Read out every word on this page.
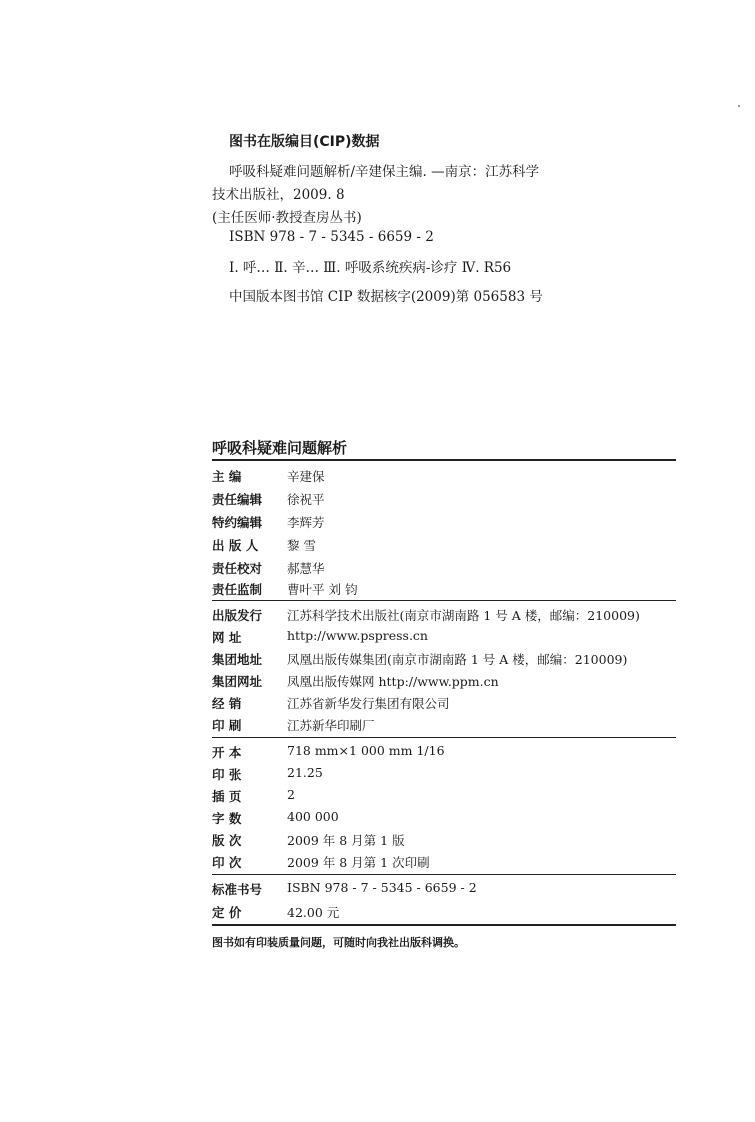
图书在版编目(CIP)数据
呼吸科疑难问题解析/辛建保主编. —南京：江苏科学
技术出版社，2009. 8
(主任医师·教授查房丛书)
ISBN 978 - 7 - 5345 - 6659 - 2
Ⅰ. 呼… Ⅱ. 辛… Ⅲ. 呼吸系统疾病-诊疗 Ⅳ. R56
中国版本图书馆 CIP 数据核字(2009)第 056583 号
呼吸科疑难问题解析
主 编	辛建保
责任编辑	徐祝平
特约编辑	李辉芳
出 版 人	黎 雪
责任校对	郝慧华
责任监制	曹叶平 刘 钧
出版发行	江苏科学技术出版社(南京市湖南路 1 号 A 楼，邮编：210009)
网 址	http://www.pspress.cn
集团地址	凤凰出版传媒集团(南京市湖南路 1 号 A 楼，邮编：210009)
集团网址	凤凰出版传媒网 http://www.ppm.cn
经 销	江苏省新华发行集团有限公司
印 刷	江苏新华印刷厂
开 本	718 mm×1 000 mm 1/16
印 张	21.25
插 页	2
字 数	400 000
版 次	2009 年 8 月第 1 版
印 次	2009 年 8 月第 1 次印刷
标准书号	ISBN 978 - 7 - 5345 - 6659 - 2
定 价	42.00 元
图书如有印装质量问题，可随时向我社出版科调换。
